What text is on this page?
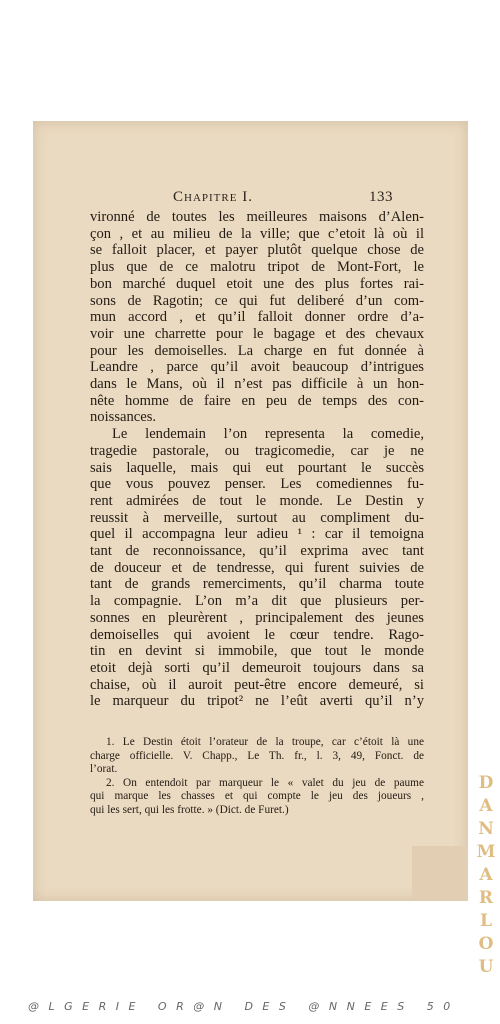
Chapitre I.	133
vironné de toutes les meilleures maisons d’Alen-
çon , et au milieu de la ville; que c’etoit là où il
se falloit placer, et payer plutôt quelque chose de
plus que de ce malotru tripot de Mont-Fort, le
bon marché duquel etoit une des plus fortes rai-
sons de Ragotin; ce qui fut deliberé d’un com-
mun accord , et qu’il falloit donner ordre d’a-
voir une charrette pour le bagage et des chevaux
pour les demoiselles. La charge en fut donnée à
Leandre , parce qu’il avoit beaucoup d’intrigues
dans le Mans, où il n’est pas difficile à un hon-
nête homme de faire en peu de temps des con-
noissances.
Le lendemain l’on representa la comedie,
tragedie pastorale, ou tragicomedie, car je ne
sais laquelle, mais qui eut pourtant le succès
que vous pouvez penser. Les comediennes fu-
rent admirées de tout le monde. Le Destin y
reussit à merveille, surtout au compliment du-
quel il accompagna leur adieu ¹ : car il temoigna
tant de reconnoissance, qu’il exprima avec tant
de douceur et de tendresse, qui furent suivies de
tant de grands remerciments, qu’il charma toute
la compagnie. L’on m’a dit que plusieurs per-
sonnes en pleurèrent , principalement des jeunes
demoiselles qui avoient le cœur tendre. Rago-
tin en devint si immobile, que tout le monde
etoit dejà sorti qu’il demeuroit toujours dans sa
chaise, où il auroit peut-être encore demeuré, si
le marqueur du tripot² ne l’eût averti qu’il n’y
1. Le Destin étoit l’orateur de la troupe, car c’étoit là une
charge officielle. V. Chapp., Le Th. fr., l. 3, 49, Fonct. de
l’orat.
2. On entendoit par marqueur le « valet du jeu de paume
qui marque les chasses et qui compte le jeu des joueurs ,
qui les sert, qui les frotte. » (Dict. de Furet.)
D
A
N
M
A
R
L
O
U
@LGERIE OR@N DES @NNEES 50
